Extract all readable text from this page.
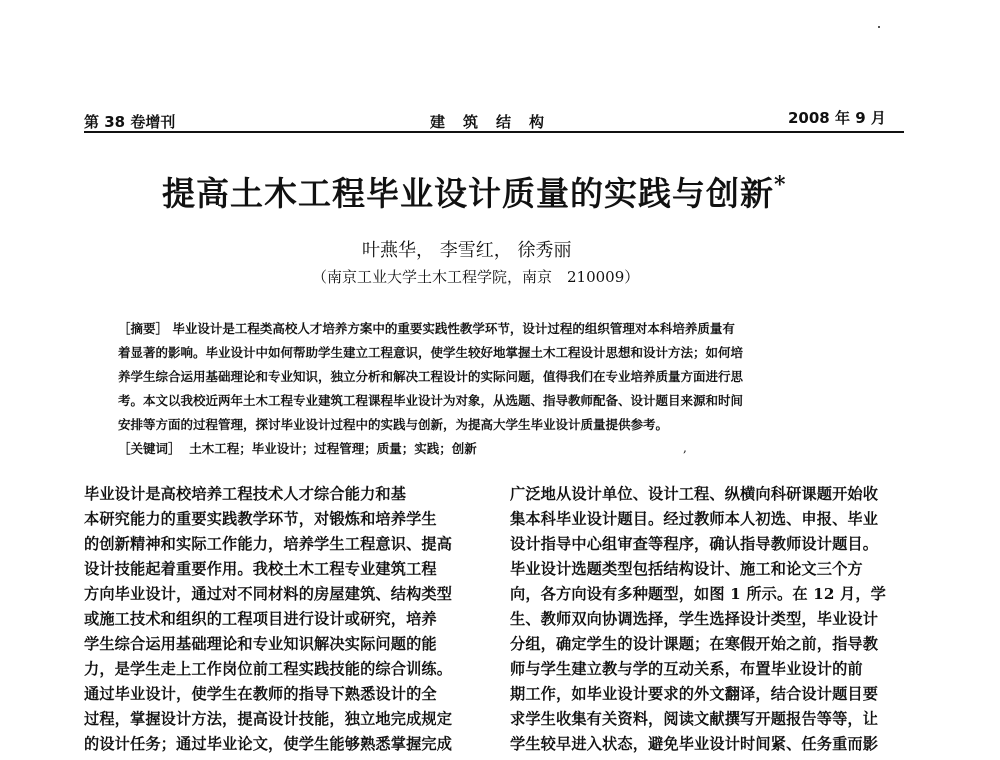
第 38 卷增刊	建筑结构	2008 年 9 月
提高土木工程毕业设计质量的实践与创新*
叶燕华， 李雪红， 徐秀丽
（南京工业大学土木工程学院，南京　210009）
［摘要］ 毕业设计是工程类高校人才培养方案中的重要实践性教学环节，设计过程的组织管理对本科培养质量有
着显著的影响。毕业设计中如何帮助学生建立工程意识，使学生较好地掌握土木工程设计思想和设计方法；如何培
养学生综合运用基础理论和专业知识，独立分析和解决工程设计的实际问题，值得我们在专业培养质量方面进行思
考。本文以我校近两年土木工程专业建筑工程课程毕业设计为对象，从选题、指导教师配备、设计题目来源和时间
安排等方面的过程管理，探讨毕业设计过程中的实践与创新，为提高大学生毕业设计质量提供参考。
［关键词］ 土木工程；毕业设计；过程管理；质量；实践；创新	,
毕业设计是高校培养工程技术人才综合能力和基
本研究能力的重要实践教学环节，对锻炼和培养学生
的创新精神和实际工作能力，培养学生工程意识、提高
设计技能起着重要作用。我校土木工程专业建筑工程
方向毕业设计，通过对不同材料的房屋建筑、结构类型
或施工技术和组织的工程项目进行设计或研究，培养
学生综合运用基础理论和专业知识解决实际问题的能
力，是学生走上工作岗位前工程实践技能的综合训练。
通过毕业设计，使学生在教师的指导下熟悉设计的全
过程，掌握设计方法，提高设计技能，独立地完成规定
的设计任务；通过毕业论文，使学生能够熟悉掌握完成
广泛地从设计单位、设计工程、纵横向科研课题开始收
集本科毕业设计题目。经过教师本人初选、申报、毕业
设计指导中心组审查等程序，确认指导教师设计题目。
毕业设计选题类型包括结构设计、施工和论文三个方
向，各方向设有多种题型，如图 1 所示。在 12 月，学
生、教师双向协调选择，学生选择设计类型，毕业设计
分组，确定学生的设计课题；在寒假开始之前，指导教
师与学生建立教与学的互动关系，布置毕业设计的前
期工作，如毕业设计要求的外文翻译，结合设计题目要
求学生收集有关资料，阅读文献撰写开题报告等等，让
学生较早进入状态，避免毕业设计时间紧、任务重而影
